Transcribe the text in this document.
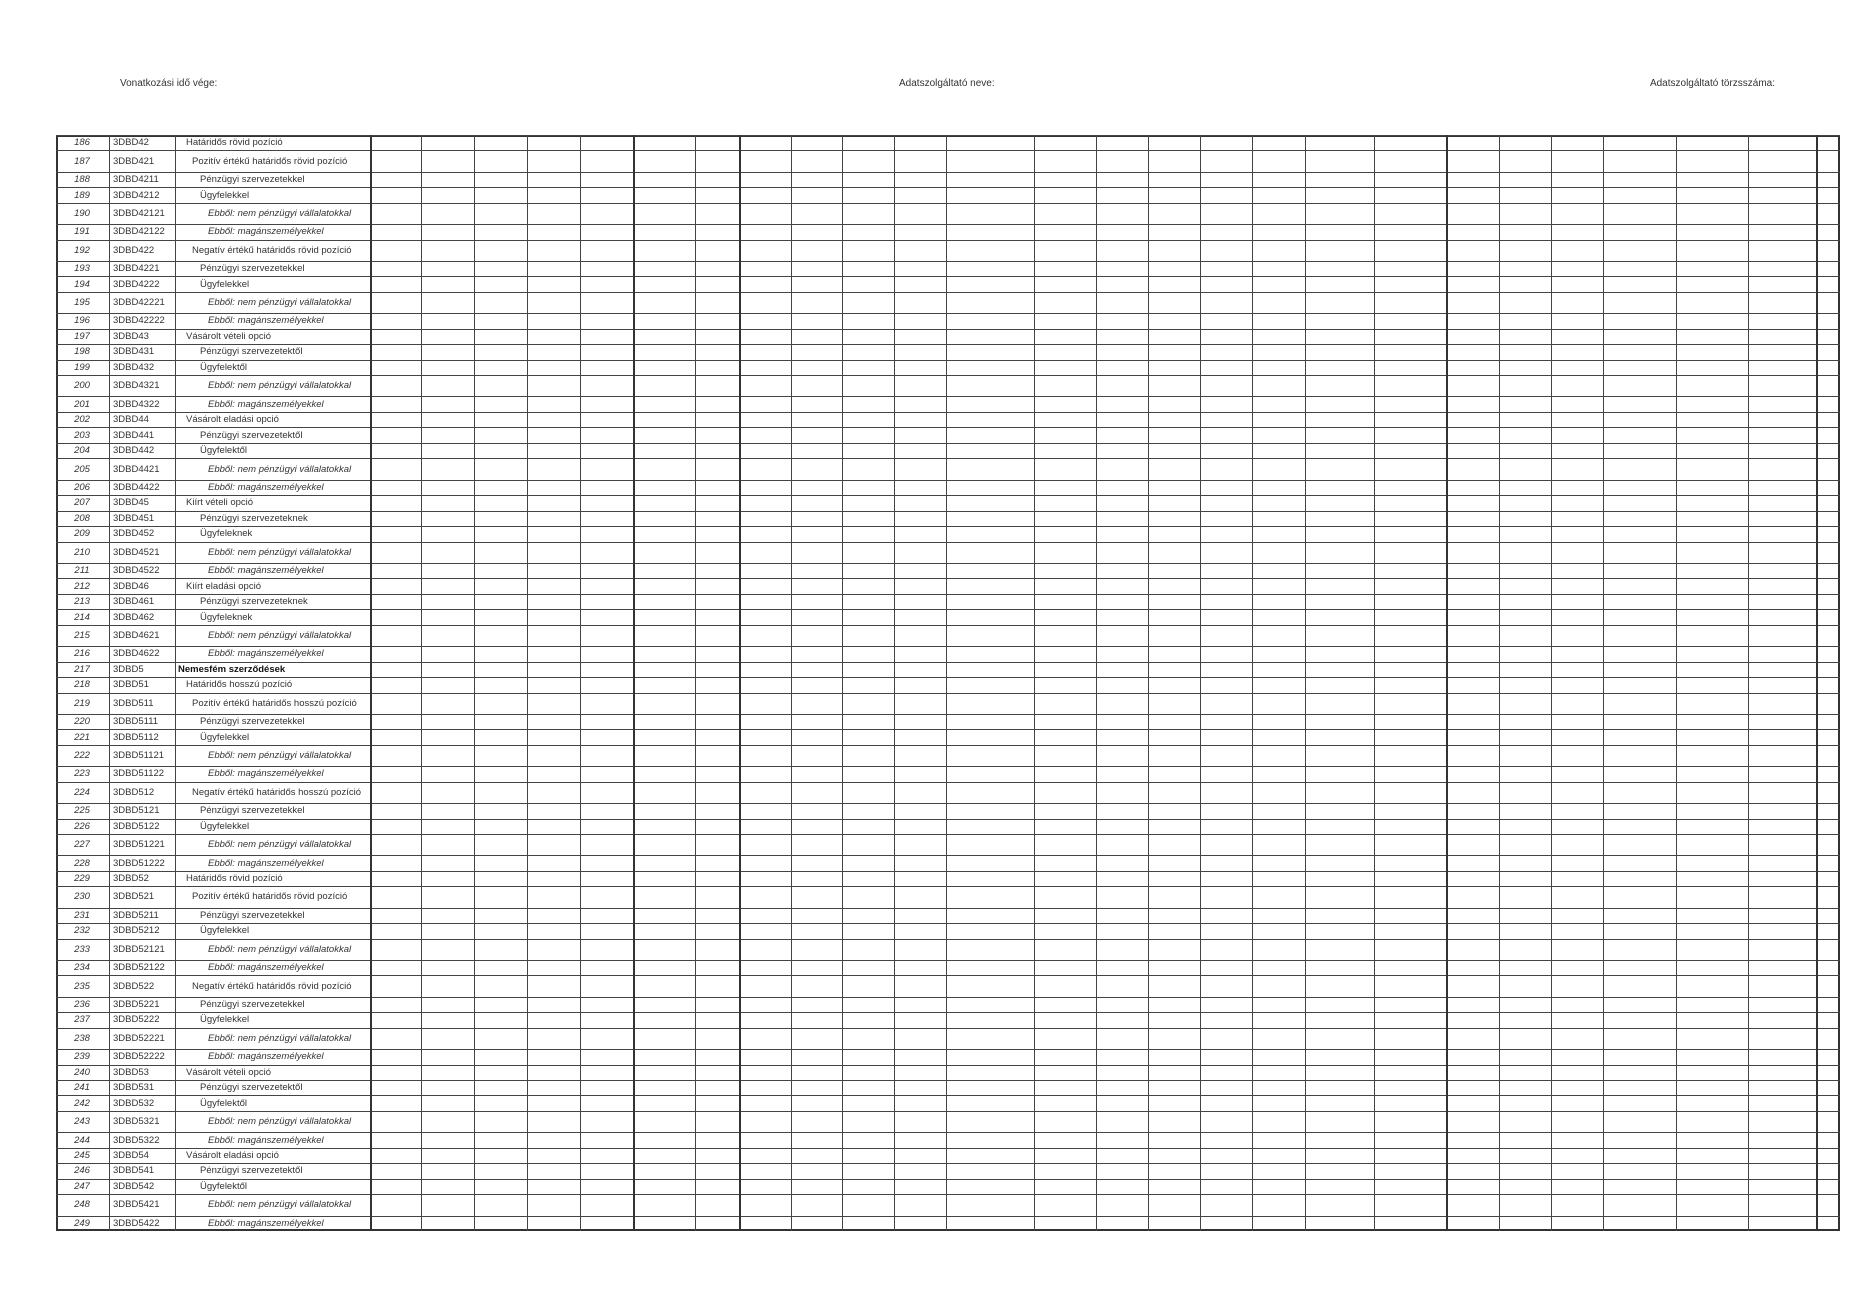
Vonatkozási idő vége:	Adatszolgáltató neve:	Adatszolgáltató törzsszáma:
186	3DBD42	Határidős rövid pozíció
187	3DBD421	Pozitív értékű határidős rövid pozíció
188	3DBD4211	Pénzügyi szervezetekkel
189	3DBD4212	Ügyfelekkel
190	3DBD42121	Ebből: nem pénzügyi vállalatokkal
191	3DBD42122	Ebből: magánszemélyekkel
192	3DBD422	Negatív értékű határidős rövid pozíció
193	3DBD4221	Pénzügyi szervezetekkel
194	3DBD4222	Ügyfelekkel
195	3DBD42221	Ebből: nem pénzügyi vállalatokkal
196	3DBD42222	Ebből: magánszemélyekkel
197	3DBD43	Vásárolt vételi opció
198	3DBD431	Pénzügyi szervezetektől
199	3DBD432	Ügyfelektől
200	3DBD4321	Ebből: nem pénzügyi vállalatokkal
201	3DBD4322	Ebből: magánszemélyekkel
202	3DBD44	Vásárolt eladási opció
203	3DBD441	Pénzügyi szervezetektől
204	3DBD442	Ügyfelektől
205	3DBD4421	Ebből: nem pénzügyi vállalatokkal
206	3DBD4422	Ebből: magánszemélyekkel
207	3DBD45	Kiírt vételi opció
208	3DBD451	Pénzügyi szervezeteknek
209	3DBD452	Ügyfeleknek
210	3DBD4521	Ebből: nem pénzügyi vállalatokkal
211	3DBD4522	Ebből: magánszemélyekkel
212	3DBD46	Kiírt eladási opció
213	3DBD461	Pénzügyi szervezeteknek
214	3DBD462	Ügyfeleknek
215	3DBD4621	Ebből: nem pénzügyi vállalatokkal
216	3DBD4622	Ebből: magánszemélyekkel
217	3DBD5	Nemesfém szerződések
218	3DBD51	Határidős hosszú pozíció
219	3DBD511	Pozitív értékű határidős hosszú pozíció
220	3DBD5111	Pénzügyi szervezetekkel
221	3DBD5112	Ügyfelekkel
222	3DBD51121	Ebből: nem pénzügyi vállalatokkal
223	3DBD51122	Ebből: magánszemélyekkel
224	3DBD512	Negatív értékű határidős hosszú pozíció
225	3DBD5121	Pénzügyi szervezetekkel
226	3DBD5122	Ügyfelekkel
227	3DBD51221	Ebből: nem pénzügyi vállalatokkal
228	3DBD51222	Ebből: magánszemélyekkel
229	3DBD52	Határidős rövid pozíció
230	3DBD521	Pozitív értékű határidős rövid pozíció
231	3DBD5211	Pénzügyi szervezetekkel
232	3DBD5212	Ügyfelekkel
233	3DBD52121	Ebből: nem pénzügyi vállalatokkal
234	3DBD52122	Ebből: magánszemélyekkel
235	3DBD522	Negatív értékű határidős rövid pozíció
236	3DBD5221	Pénzügyi szervezetekkel
237	3DBD5222	Ügyfelekkel
238	3DBD52221	Ebből: nem pénzügyi vállalatokkal
239	3DBD52222	Ebből: magánszemélyekkel
240	3DBD53	Vásárolt vételi opció
241	3DBD531	Pénzügyi szervezetektől
242	3DBD532	Ügyfelektől
243	3DBD5321	Ebből: nem pénzügyi vállalatokkal
244	3DBD5322	Ebből: magánszemélyekkel
245	3DBD54	Vásárolt eladási opció
246	3DBD541	Pénzügyi szervezetektől
247	3DBD542	Ügyfelektől
248	3DBD5421	Ebből: nem pénzügyi vállalatokkal
249	3DBD5422	Ebből: magánszemélyekkel
